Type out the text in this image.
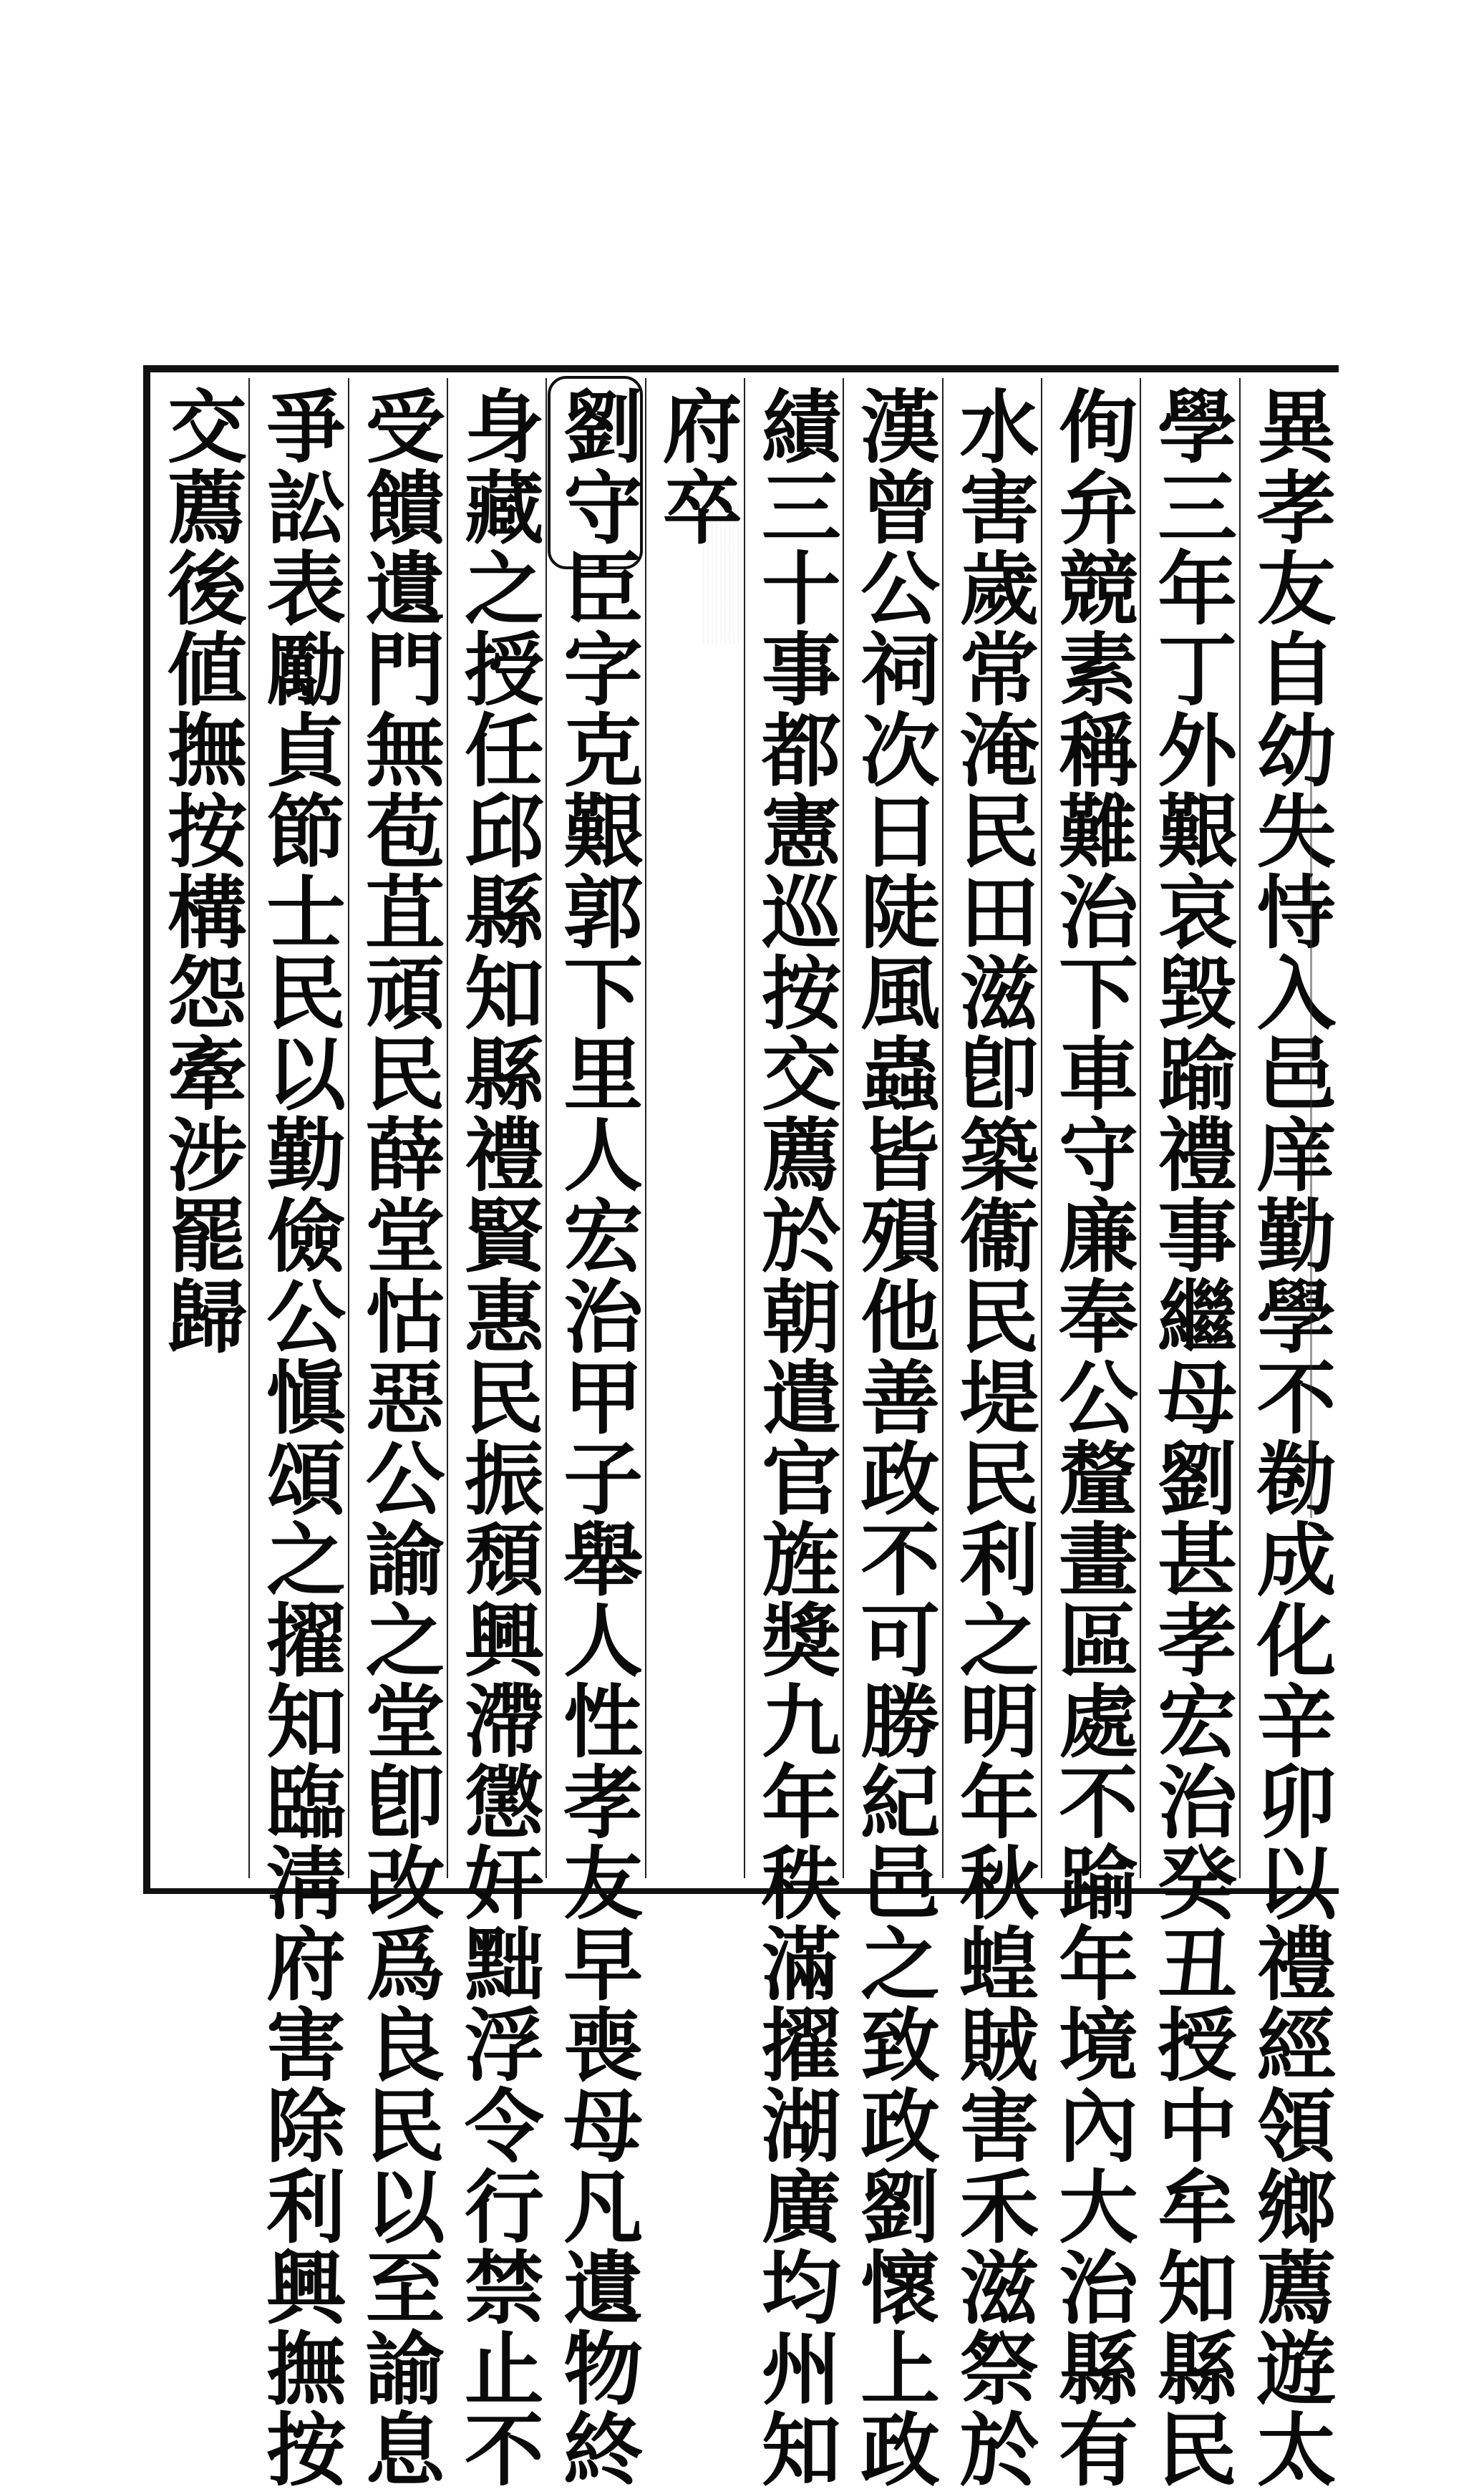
異孝友自幼失恃入邑庠勤學不勌成化辛卯以禮經領鄉薦遊太
學三年丁外艱哀毀踰禮事繼母劉甚孝宏治癸丑授中牟知縣民
侚弁競素稱難治下車守廉奉公釐畫區處不踰年境內大治縣有
水害歲常淹民田滋卽築衞民堤民利之明年秋蝗賊害禾滋祭於
漢曾公祠次日陡風蟲皆殞他善政不可勝紀邑之致政劉懷上政
績三十事都憲巡按交薦於朝遣官旌獎九年秩滿擢湖廣均州知
府卒
劉守臣字克艱郭下里人宏治甲子舉人性孝友早喪母凡遺物終
身藏之授任邱縣知縣禮賢惠民振頹興滯懲奸黜浮令行禁止不
受饋遺門無苞苴頑民薛堂怙惡公諭之堂卽改爲良民以至諭息
爭訟表勵貞節士民以勤儉公愼頌之擢知臨淸府害除利興撫按
交薦後値撫按構怨牽涉罷歸
